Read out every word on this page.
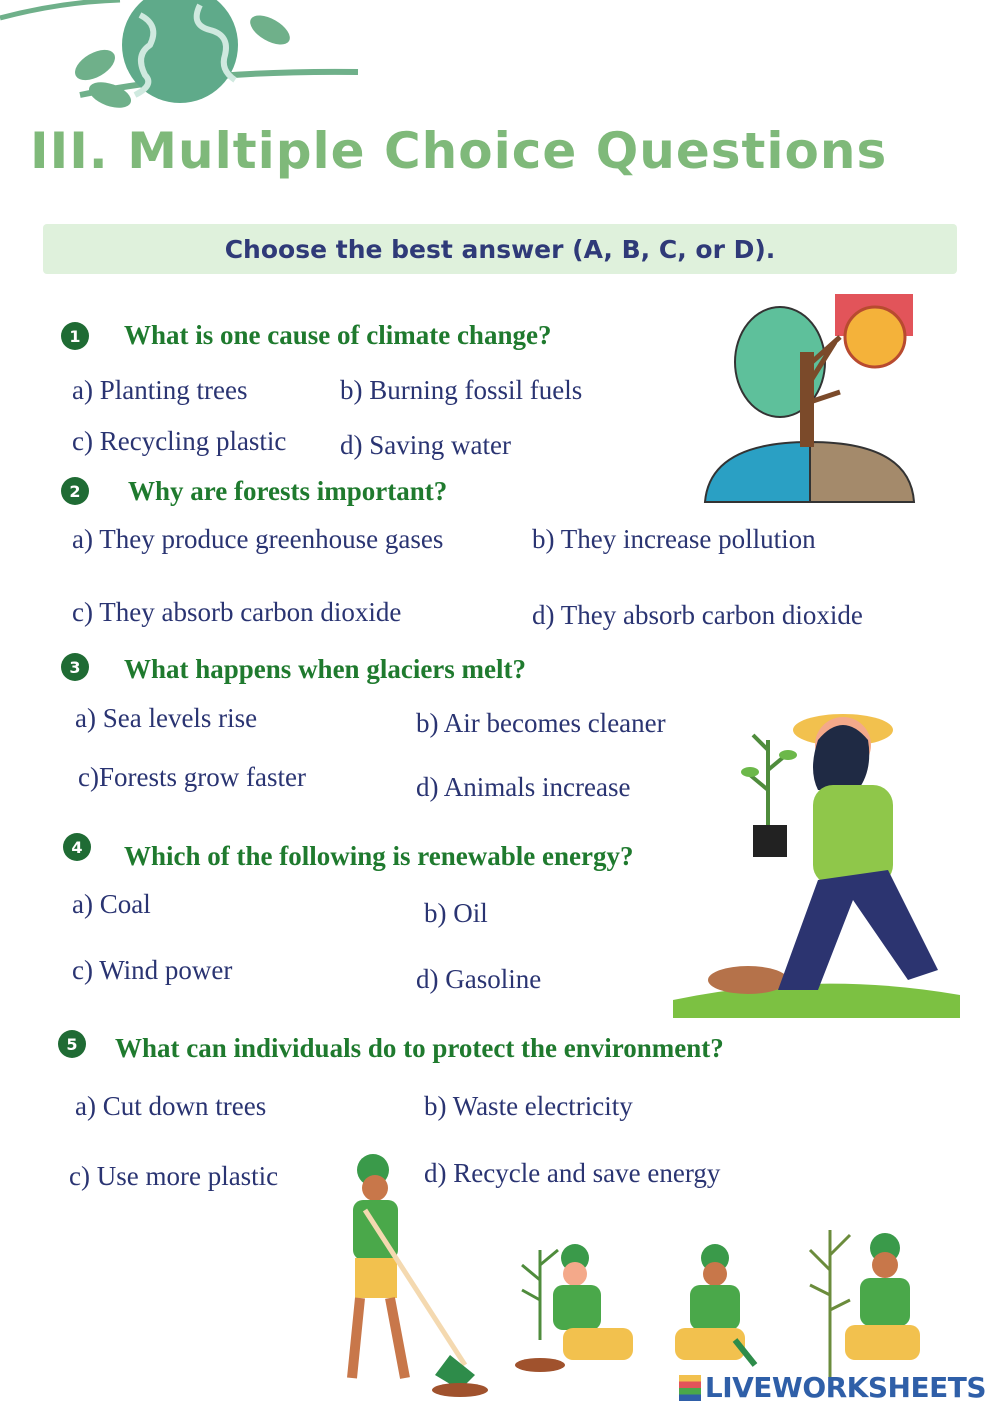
III. Multiple Choice Questions
Choose the best answer (A, B, C, or D).
1	What is one cause of climate change?
a) Planting trees	b) Burning fossil fuels
c) Recycling plastic d) Saving water
2	Why are forests important?
a) They produce greenhouse gases	b) They increase pollution
c) They absorb carbon dioxide	d) They absorb carbon dioxide
3	What happens when glaciers melt?
a) Sea levels rise	b) Air becomes cleaner
c)Forests grow faster	d) Animals increase
4	Which of the following is renewable energy?
a) Coal	b) Oil
c) Wind power	d) Gasoline
5	What can individuals do to protect the environment?
a) Cut down trees	b) Waste electricity
c) Use more plastic	d) Recycle and save energy
LIVEWORKSHEETS
